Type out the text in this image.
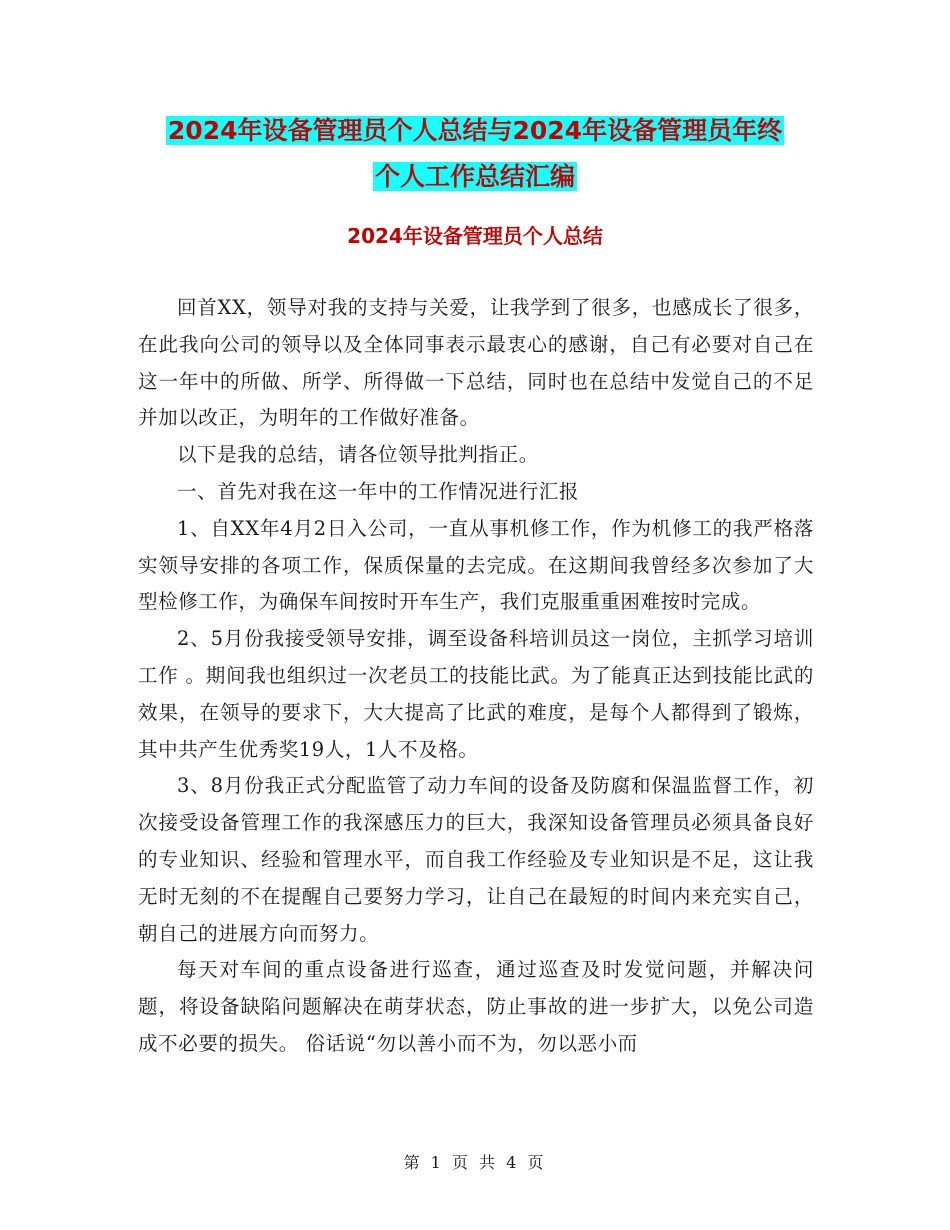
2024年设备管理员个人总结与2024年设备管理员年终
个人工作总结汇编
2024年设备管理员个人总结

回首XX，领导对我的支持与关爱，让我学到了很多，也感成长了很多，在此我向公司的领导以及全体同事表示最衷心的感谢，自己有必要对自己在这一年中的所做、所学、所得做一下总结，同时也在总结中发觉自己的不足并加以改正，为明年的工作做好准备。

以下是我的总结，请各位领导批判指正。

一、首先对我在这一年中的工作情况进行汇报

1、自XX年4月2日入公司，一直从事机修工作，作为机修工的我严格落实领导安排的各项工作，保质保量的去完成。在这期间我曾经多次参加了大型检修工作，为确保车间按时开车生产，我们克服重重困难按时完成。

2、5月份我接受领导安排，调至设备科培训员这一岗位，主抓学习培训工作 。期间我也组织过一次老员工的技能比武。为了能真正达到技能比武的效果，在领导的要求下，大大提高了比武的难度，是每个人都得到了锻炼，其中共产生优秀奖19人，1人不及格。

3、8月份我正式分配监管了动力车间的设备及防腐和保温监督工作，初次接受设备管理工作的我深感压力的巨大，我深知设备管理员必须具备良好的专业知识、经验和管理水平，而自我工作经验及专业知识是不足，这让我无时无刻的不在提醒自己要努力学习，让自己在最短的时间内来充实自己，朝自己的进展方向而努力。

每天对车间的重点设备进行巡查，通过巡查及时发觉问题，并解决问题，将设备缺陷问题解决在萌芽状态，防止事故的进一步扩大，以免公司造成不必要的损失。 俗话说“勿以善小而不为，勿以恶小而

第 1 页 共 4 页
